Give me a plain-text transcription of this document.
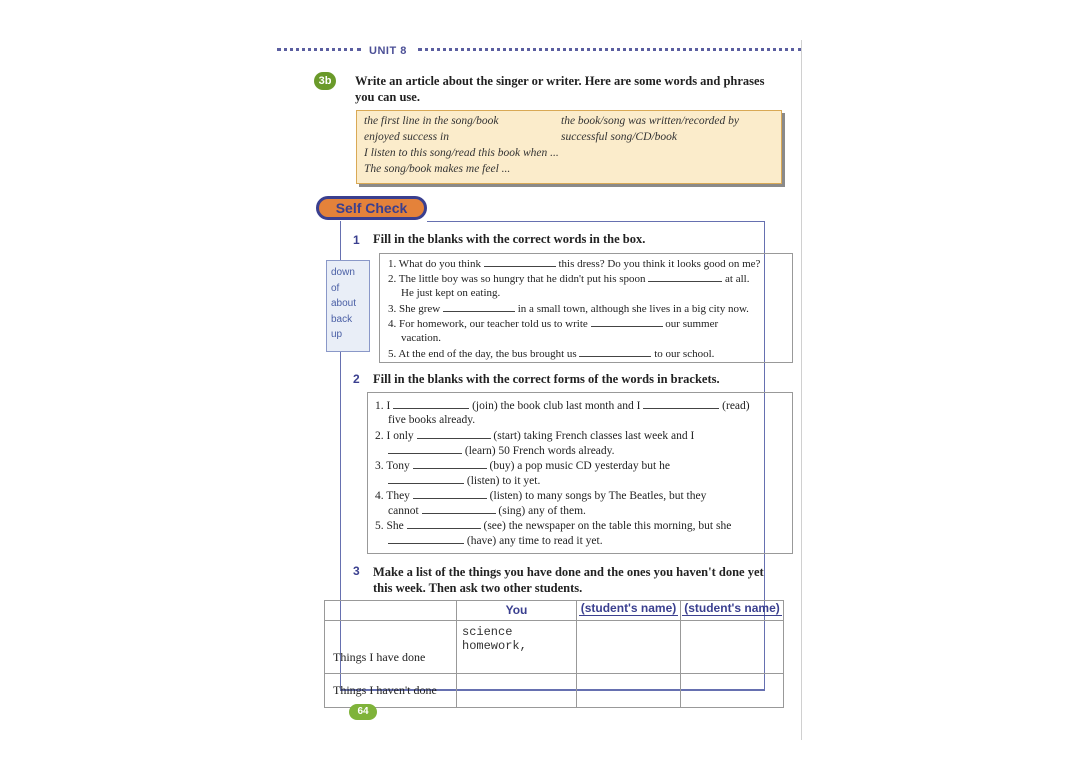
UNIT 8
3b	Write an article about the singer or writer. Here are some words and phrases you can use.
the first line in the song/book	the book/song was written/recorded by
enjoyed success in	successful song/CD/book
I listen to this song/read this book when ...
The song/book makes me feel ...
Self Check
1 Fill in the blanks with the correct words in the box.
down
of
about
back
up
1. What do you think	this dress? Do you think it looks good on me?
2. The little boy was so hungry that he didn't put his spoon	at all.
He just kept on eating.
3. She grew	in a small town, although she lives in a big city now.
4. For homework, our teacher told us to write	our summer
vacation.
5. At the end of the day, the bus brought us	to our school.
2 Fill in the blanks with the correct forms of the words in brackets.
1. I	(join) the book club last month and I	(read)
five books already.
2. I only	(start) taking French classes last week and I
(learn) 50 French words already.
3. Tony	(buy) a pop music CD yesterday but he
(listen) to it yet.
4. They	(listen) to many songs by The Beatles, but they
cannot	(sing) any of them.
5. She	(see) the newspaper on the table this morning, but she
(have) any time to read it yet.
3 Make a list of the things you have done and the ones you haven't done yet this week. Then ask two other students.
	You	(student's name)	(student's name)
Things I have done	science homework,		
Things I haven't done			
64
